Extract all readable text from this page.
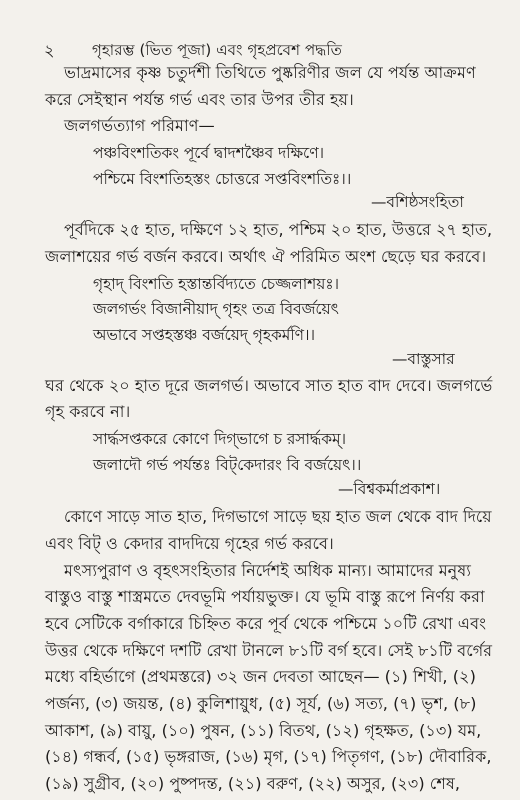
২	গৃহারম্ভ (ভিত পূজা) এবং গৃহপ্রবেশ পদ্ধতি
ভাদ্রমাসের কৃষ্ণ চতুর্দশী তিথিতে পুষ্করিণীর জল যে পর্যন্ত আক্রমণ
করে সেইস্থান পর্যন্ত গর্ভ এবং তার উপর তীর হয়।
জলগর্ভত্যাগ পরিমাণ—
পঞ্চবিংশতিকং পূর্বে দ্বাদশঞ্চৈব দক্ষিণে।
পশ্চিমে বিংশতিহস্তং চোত্তরে সপ্তবিংশতিঃ।।
—বশিষ্ঠসংহিতা
পূর্বদিকে ২৫ হাত, দক্ষিণে ১২ হাত, পশ্চিম ২০ হাত, উত্তরে ২৭ হাত,
জলাশয়ের গর্ভ বর্জন করবে। অর্থাৎ ঐ পরিমিত অংশ ছেড়ে ঘর করবে।
গৃহাদ্ বিংশতি হস্তান্তর্বিদ্যতে চেজ্জলাশয়ঃ।
জলগর্ভং বিজানীয়াদ্ গৃহং তত্র বিবর্জয়েৎ
অভাবে সপ্তহস্তঞ্চ বর্জয়েদ্ গৃহকর্মণি।।
—বাস্তুসার
ঘর থেকে ২০ হাত দূরে জলগর্ভ। অভাবে সাত হাত বাদ দেবে। জলগর্ভে
গৃহ করবে না।
সার্দ্ধসপ্তকরে কোণে দিগ্‌ভাগে চ রসার্দ্ধকম্।
জলাদৌ গর্ভ পর্যন্তঃ বিট্‌কেদারং বি বর্জয়েৎ।।
—বিশ্বকর্মাপ্রকাশ।
কোণে সাড়ে সাত হাত, দিগভাগে সাড়ে ছয় হাত জল থেকে বাদ দিয়ে
এবং বিট্‌ ও কেদার বাদদিয়ে গৃহের গর্ভ করবে।
মৎস্যপুরাণ ও বৃহৎসংহিতার নির্দেশই অধিক মান্য। আমাদের মনুষ্য
বাস্তুও বাস্তু শাস্ত্রমতে দেবভূমি পর্যায়ভুক্ত। যে ভূমি বাস্তু রূপে নির্ণয় করা
হবে সেটিকে বর্গাকারে চিহ্নিত করে পূর্ব থেকে পশ্চিমে ১০টি রেখা এবং
উত্তর থেকে দক্ষিণে দশটি রেখা টানলে ৮১টি বর্গ হবে। সেই ৮১টি বর্গের
মধ্যে বহির্ভাগে (প্রথমস্তরে) ৩২ জন দেবতা আছেন— (১) শিখী, (২)
পর্জন্য, (৩) জয়ন্ত, (৪) কুলিশায়ুধ, (৫) সূর্য, (৬) সত্য, (৭) ভৃশ, (৮)
আকাশ, (৯) বায়ু, (১০) পুষন, (১১) বিতথ, (১২) গৃহক্ষত, (১৩) যম,
(১৪) গন্ধর্ব, (১৫) ভৃঙ্গরাজ, (১৬) মৃগ, (১৭) পিতৃগণ, (১৮) দৌবারিক,
(১৯) সুগ্রীব, (২০) পুষ্পদন্ত, (২১) বরুণ, (২২) অসুর, (২৩) শেষ,
